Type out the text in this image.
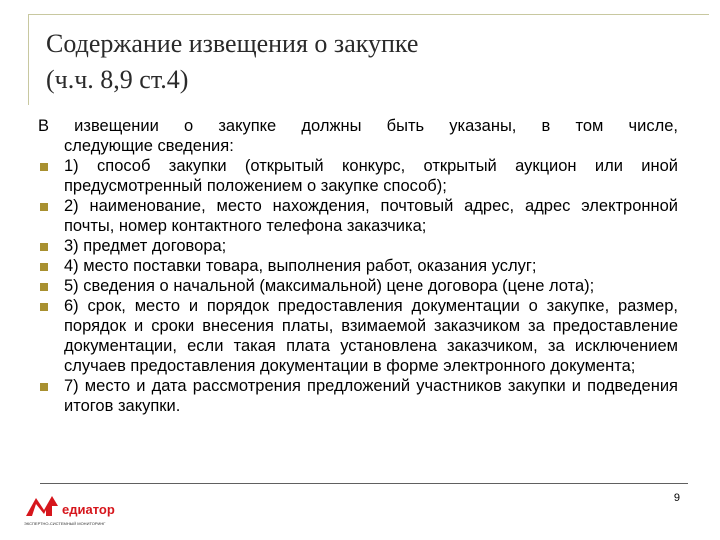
Содержание извещения о закупке
(ч.ч. 8,9 ст.4)

В извещении о закупке должны быть указаны, в том числе,

следующие сведения:
1) способ закупки (открытый конкурс, открытый аукцион или иной предусмотренный положением о закупке способ);
2) наименование, место нахождения, почтовый адрес, адрес электронной почты, номер контактного телефона заказчика;
3) предмет договора;
4) место поставки товара, выполнения работ, оказания услуг;
5) сведения о начальной (максимальной) цене договора (цене лота);
6) срок, место и порядок предоставления документации о закупке, размер, порядок и сроки внесения платы, взимаемой заказчиком за предоставление документации, если такая плата установлена заказчиком, за исключением случаев предоставления документации в форме электронного документа;
7) место и дата рассмотрения предложений участников закупки и подведения итогов закупки.
едиатор
ЭКСПЕРТНО-СИСТЕМНЫЙ МОНИТОРИНГ
9
